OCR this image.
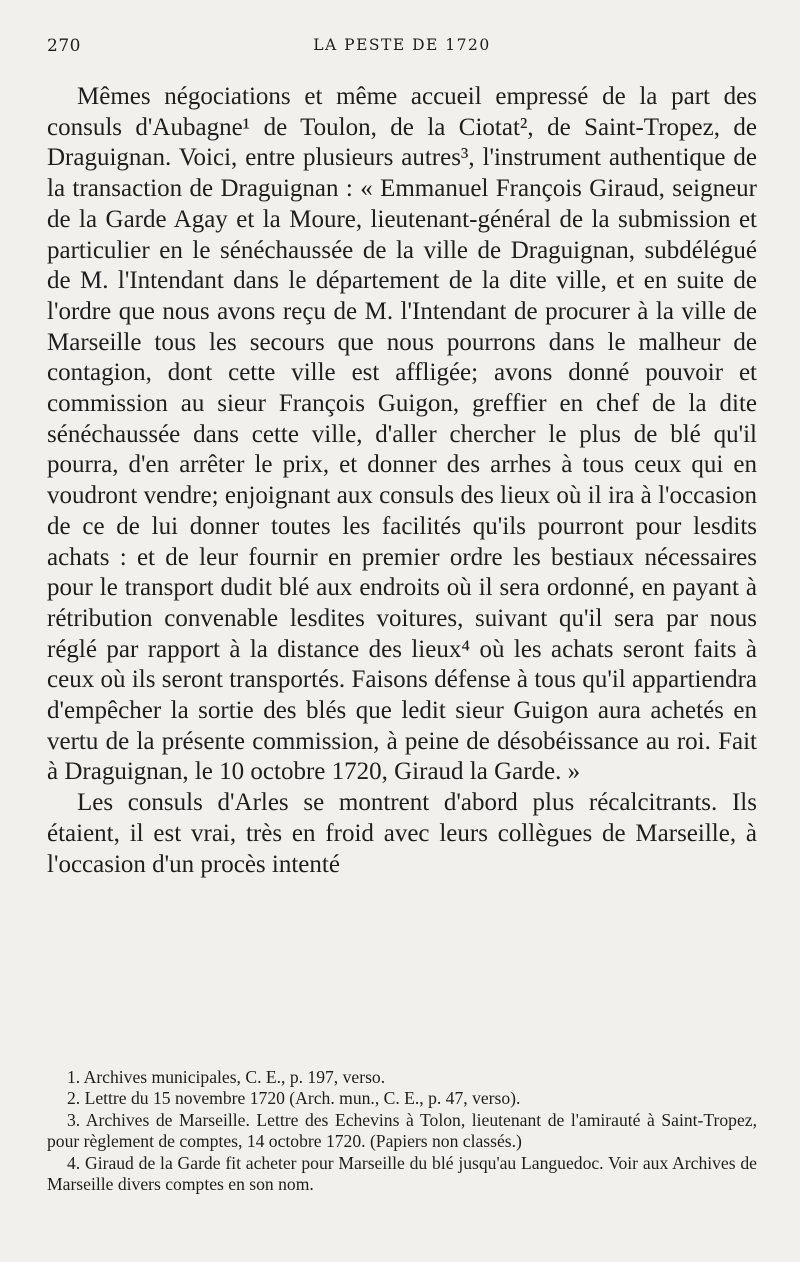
270	LA PESTE DE 1720

Mêmes négociations et même accueil empressé de la part des consuls d'Aubagne¹ de Toulon, de la Ciotat², de Saint-Tropez, de Draguignan. Voici, entre plusieurs autres³, l'instrument authentique de la transaction de Draguignan : « Emmanuel François Giraud, seigneur de la Garde Agay et la Moure, lieutenant-général de la submission et particulier en le sénéchaussée de la ville de Draguignan, subdélégué de M. l'Intendant dans le département de la dite ville, et en suite de l'ordre que nous avons reçu de M. l'Intendant de procurer à la ville de Marseille tous les secours que nous pourrons dans le malheur de contagion, dont cette ville est affligée; avons donné pouvoir et commission au sieur François Guigon, greffier en chef de la dite sénéchaussée dans cette ville, d'aller chercher le plus de blé qu'il pourra, d'en arrêter le prix, et donner des arrhes à tous ceux qui en voudront vendre; enjoignant aux consuls des lieux où il ira à l'occasion de ce de lui donner toutes les facilités qu'ils pourront pour lesdits achats : et de leur fournir en premier ordre les bestiaux nécessaires pour le transport dudit blé aux endroits où il sera ordonné, en payant à rétribution convenable lesdites voitures, suivant qu'il sera par nous réglé par rapport à la distance des lieux⁴ où les achats seront faits à ceux où ils seront transportés. Faisons défense à tous qu'il appartiendra d'empêcher la sortie des blés que ledit sieur Guigon aura achetés en vertu de la présente commission, à peine de désobéissance au roi. Fait à Draguignan, le 10 octobre 1720, Giraud la Garde. »

Les consuls d'Arles se montrent d'abord plus récalcitrants. Ils étaient, il est vrai, très en froid avec leurs collègues de Marseille, à l'occasion d'un procès intenté

1. Archives municipales, C. E., p. 197, verso.

2. Lettre du 15 novembre 1720 (Arch. mun., C. E., p. 47, verso).

3. Archives de Marseille. Lettre des Echevins à Tolon, lieutenant de l'amirauté à Saint-Tropez, pour règlement de comptes, 14 octobre 1720. (Papiers non classés.)

4. Giraud de la Garde fit acheter pour Marseille du blé jusqu'au Languedoc. Voir aux Archives de Marseille divers comptes en son nom.
